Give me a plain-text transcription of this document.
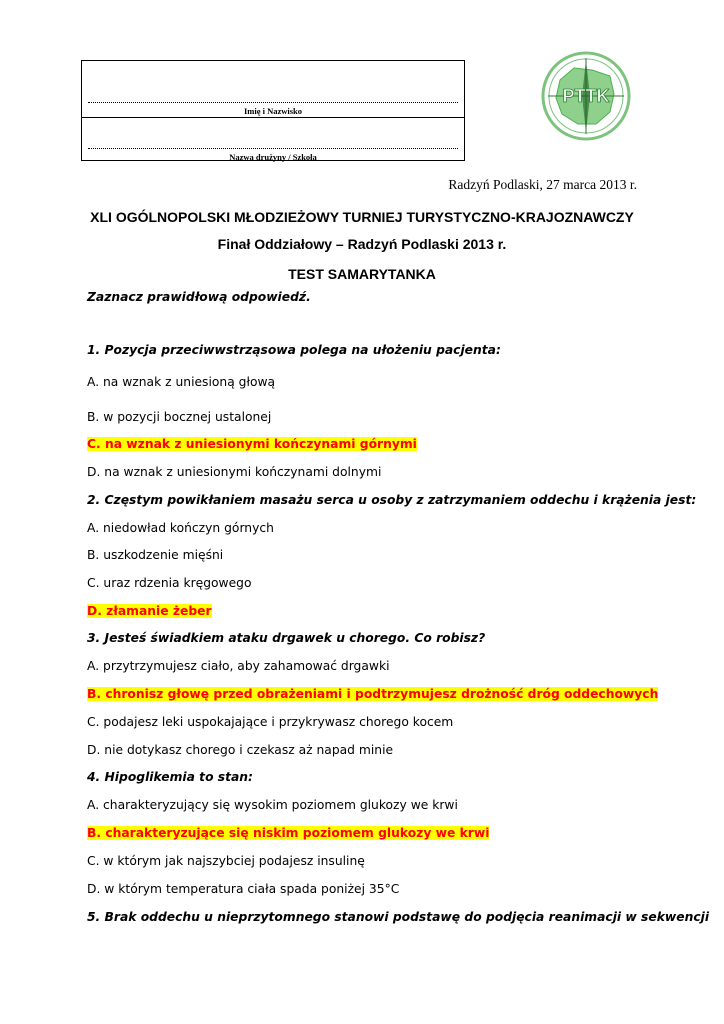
Imię i Nazwisko
Nazwa drużyny / Szkoła
PTTK
Radzyń Podlaski, 27 marca 2013 r.
XLI OGÓLNOPOLSKI MŁODZIEŻOWY TURNIEJ TURYSTYCZNO-KRAJOZNAWCZY
Finał Oddziałowy – Radzyń Podlaski 2013 r.
TEST SAMARYTANKA
Zaznacz prawidłową odpowiedź.
1. Pozycja przeciwwstrząsowa polega na ułożeniu pacjenta:
A. na wznak z uniesioną głową
B. w pozycji bocznej ustalonej
C. na wznak z uniesionymi kończynami górnymi
D. na wznak z uniesionymi kończynami dolnymi
2. Częstym powikłaniem masażu serca u osoby z zatrzymaniem oddechu i krążenia jest:
A. niedowład kończyn górnych
B. uszkodzenie mięśni
C. uraz rdzenia kręgowego
D. złamanie żeber
3. Jesteś świadkiem ataku drgawek u chorego. Co robisz?
A. przytrzymujesz ciało, aby zahamować drgawki
B. chronisz głowę przed obrażeniami i podtrzymujesz drożność dróg oddechowych
C. podajesz leki uspokajające i przykrywasz chorego kocem
D. nie dotykasz chorego i czekasz aż napad minie
4. Hipoglikemia to stan:
A. charakteryzujący się wysokim poziomem glukozy we krwi
B. charakteryzujące się niskim poziomem glukozy we krwi
C. w którym jak najszybciej podajesz insulinę
D. w którym temperatura ciała spada poniżej 35°C
5. Brak oddechu u nieprzytomnego stanowi podstawę do podjęcia reanimacji w sekwencji
